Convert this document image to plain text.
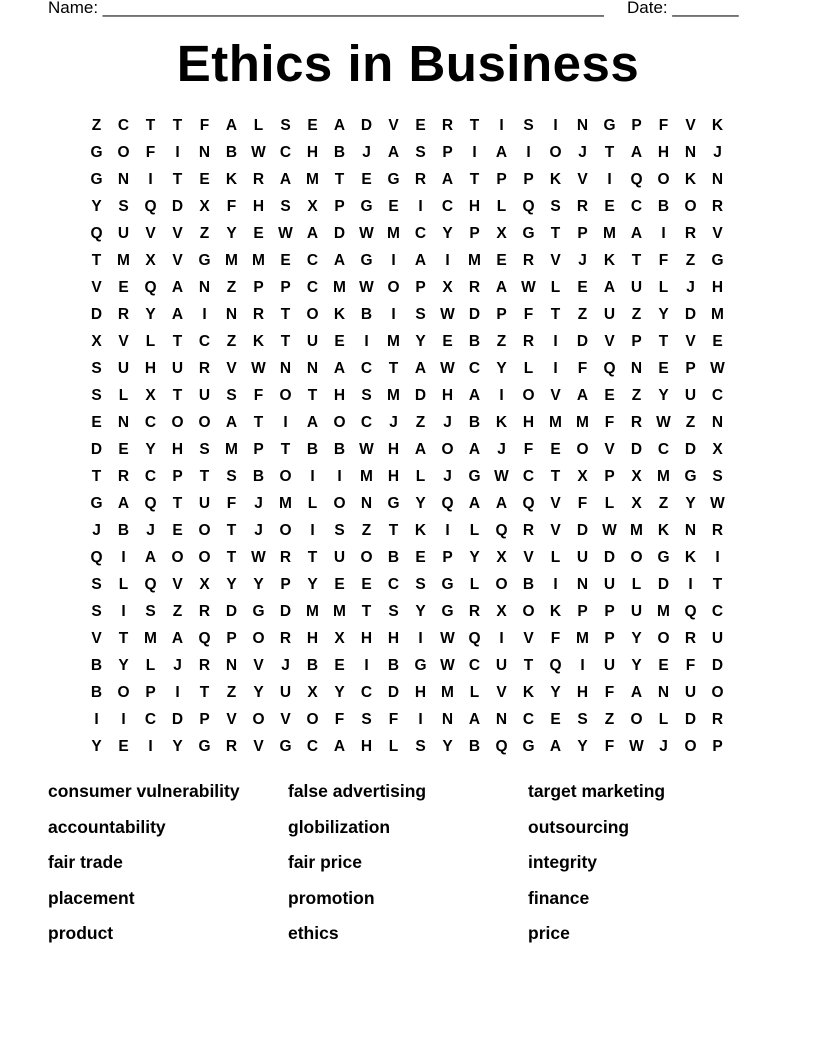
Name: _____________________________________________________ Date: _______
Ethics in Business
Z	C	T	T	F	A	L	S	E	A	D	V	E	R	T	I	S	I	N G	P	F	V	K
G O	F	I	N	B W C	H	B	J	A	S	P	I	A	I	O	J	T	A	H	N	J
G N	I	T	E	K	R	A M	T	E	G R	A	T	P	P	K	V	I	Q O K	N
Y	S	Q D	X	F	H	S	X	P	G	E	I	C	H	L	Q	S	R	E	C	B O R
Q U	V	V	Z	Y	E W A	D W M C	Y	P	X	G	T	P M A	I	R	V
T	M X	V	G M M E	C	A G	I	A	I	M E	R	V	J	K	T	F	Z	G
V	E	Q A	N	Z	P	P	C M W O	P	X	R	A W L	E	A	U	L	J	H
D	R	Y	A	I	N	R	T	O K	B	I	S W D	P	F	T	Z	U	Z	Y	D M
X	V	L	T	C	Z	K	T	U	E	I	M Y	E	B	Z	R	I	D	V	P	T	V	E
S	U	H	U	R	V W N	N	A	C	T	A W C	Y	L	I	F	Q N	E	P W
S	L	X	T	U	S	F	O	T	H	S M D	H	A	I	O	V	A	E	Z	Y	U	C
E	N	C O O A	T	I	A O C	J	Z	J	B	K	H M M	F	R W Z	N
D	E	Y	H	S M P	T	B	B W H	A O A	J	F	E	O	V	D	C	D	X
T	R	C	P	T	S	B O	I	I	M H	L	J	G W C	T	X	P	X M G	S
G A Q	T	U	F	J	M	L	O N G	Y	Q A	A Q	V	F	L	X	Z	Y W
J	B	J	E	O	T	J	O	I	S	Z	T	K	I	L	Q R	V	D W M K	N	R
Q	I	A O O	T W R	T	U O B	E	P	Y	X	V	L	U	D O G K	I
S	L	Q	V	X	Y	Y	P	Y	E	E	C	S	G	L	O B	I	N	U	L	D	I	T
S	I	S	Z	R	D G D M M	T	S	Y	G R	X	O K	P	P	U M Q C
V	T	M A Q	P	O R	H	X	H	H	I	W Q	I	V	F	M P	Y	O R	U
B	Y	L	J	R	N	V	J	B	E	I	B G W C	U	T	Q	I	U	Y	E	F	D
B O	P	I	T	Z	Y	U	X	Y	C	D	H M	L	V	K	Y	H	F	A	N	U O
I	I	C	D	P	V	O	V	O	F	S	F	I	N	A	N	C	E	S	Z	O	L	D	R
Y	E	I	Y	G R	V	G C	A	H	L	S	Y	B Q G A	Y	F W J	O	P
consumer vulnerability	false advertising	target marketing
accountability	globilization	outsourcing
fair trade	fair price	integrity
placement	promotion	finance
product	ethics	price
